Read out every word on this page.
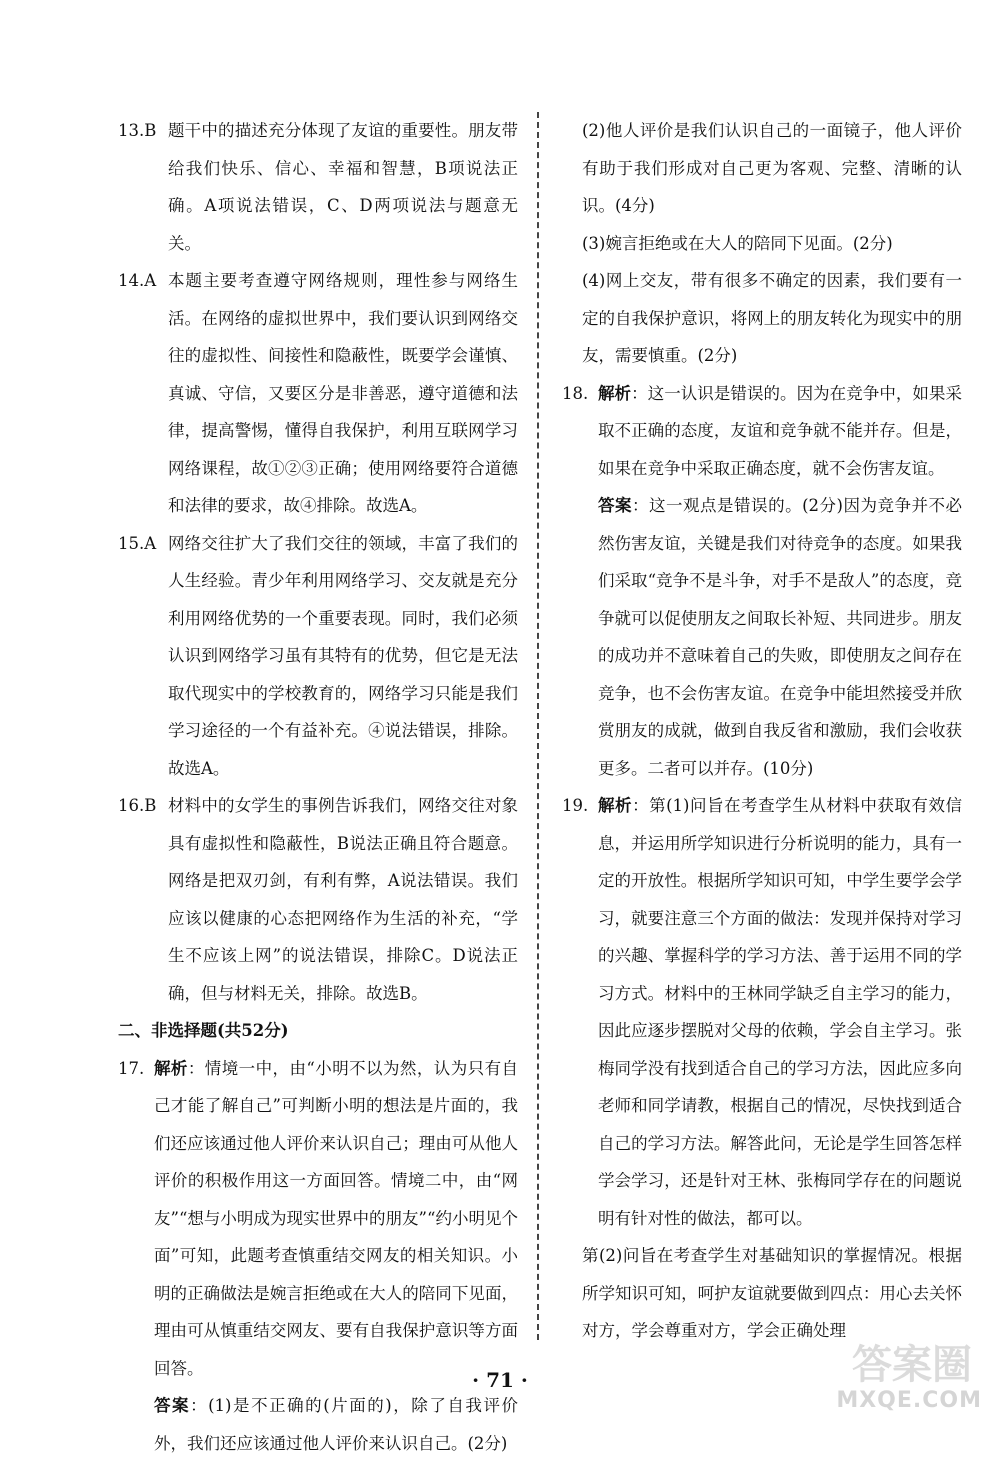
13.B 题干中的描述充分体现了友谊的重要性。朋友带给我们快乐、信心、幸福和智慧，B项说法正确。A项说法错误，C、D两项说法与题意无关。
14.A 本题主要考查遵守网络规则，理性参与网络生活。在网络的虚拟世界中，我们要认识到网络交往的虚拟性、间接性和隐蔽性，既要学会谨慎、真诚、守信，又要区分是非善恶，遵守道德和法律，提高警惕，懂得自我保护，利用互联网学习网络课程，故①②③正确；使用网络要符合道德和法律的要求，故④排除。故选A。
15.A 网络交往扩大了我们交往的领域，丰富了我们的人生经验。青少年利用网络学习、交友就是充分利用网络优势的一个重要表现。同时，我们必须认识到网络学习虽有其特有的优势，但它是无法取代现实中的学校教育的，网络学习只能是我们学习途径的一个有益补充。④说法错误，排除。故选A。
16.B 材料中的女学生的事例告诉我们，网络交往对象具有虚拟性和隐蔽性，B说法正确且符合题意。网络是把双刃剑，有利有弊，A说法错误。我们应该以健康的心态把网络作为生活的补充，“学生不应该上网”的说法错误，排除C。D说法正确，但与材料无关，排除。故选B。
二、非选择题(共52分)
17. 解析：情境一中，由“小明不以为然，认为只有自己才能了解自己”可判断小明的想法是片面的，我们还应该通过他人评价来认识自己；理由可从他人评价的积极作用这一方面回答。情境二中，由“网友”“想与小明成为现实世界中的朋友”“约小明见个面”可知，此题考查慎重结交网友的相关知识。小明的正确做法是婉言拒绝或在大人的陪同下见面，理由可从慎重结交网友、要有自我保护意识等方面回答。
答案：(1)是不正确的(片面的)，除了自我评价外，我们还应该通过他人评价来认识自己。(2分)
(2)他人评价是我们认识自己的一面镜子，他人评价有助于我们形成对自己更为客观、完整、清晰的认识。(4分)
(3)婉言拒绝或在大人的陪同下见面。(2分)
(4)网上交友，带有很多不确定的因素，我们要有一定的自我保护意识，将网上的朋友转化为现实中的朋友，需要慎重。(2分)
18. 解析：这一认识是错误的。因为在竞争中，如果采取不正确的态度，友谊和竞争就不能并存。但是，如果在竞争中采取正确态度，就不会伤害友谊。
答案：这一观点是错误的。(2分)因为竞争并不必然伤害友谊，关键是我们对待竞争的态度。如果我们采取“竞争不是斗争，对手不是敌人”的态度，竞争就可以促使朋友之间取长补短、共同进步。朋友的成功并不意味着自己的失败，即使朋友之间存在竞争，也不会伤害友谊。在竞争中能坦然接受并欣赏朋友的成就，做到自我反省和激励，我们会收获更多。二者可以并存。(10分)
19. 解析：第(1)问旨在考查学生从材料中获取有效信息，并运用所学知识进行分析说明的能力，具有一定的开放性。根据所学知识可知，中学生要学会学习，就要注意三个方面的做法：发现并保持对学习的兴趣、掌握科学的学习方法、善于运用不同的学习方式。材料中的王林同学缺乏自主学习的能力，因此应逐步摆脱对父母的依赖，学会自主学习。张梅同学没有找到适合自己的学习方法，因此应多向老师和同学请教，根据自己的情况，尽快找到适合自己的学习方法。解答此问，无论是学生回答怎样学会学习，还是针对王林、张梅同学存在的问题说明有针对性的做法，都可以。
第(2)问旨在考查学生对基础知识的掌握情况。根据所学知识可知，呵护友谊就要做到四点：用心去关怀对方，学会尊重对方，学会正确处理
· 71 ·	答案圈
MXQE.COM
